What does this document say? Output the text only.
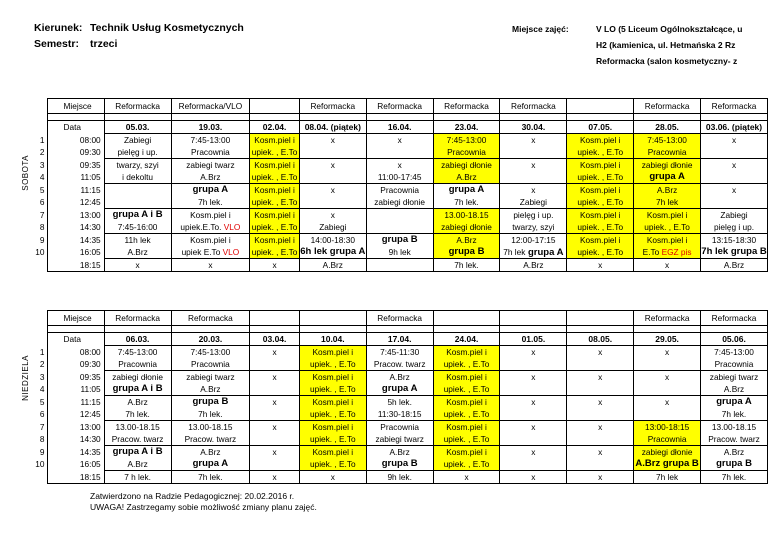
Kierunek: Technik Usług Kosmetycznych
Semestr: trzeci
Miejsce zajęć:	V LO (5 Liceum Ogólnokształcące, u
H2 (kamienica, ul. Hetmańska 2 Rz
Reformacka (salon kosmetyczny- z
SOBOTA
	Miejsce	Reformacka	Reformacka/VLO		Reformacka	Reformacka	Reformacka	Reformacka		Reformacka	Reformacka

	Data	05.03.	19.03.	02.04.	08.04. (piątek)	16.04.	23.04.	30.04.	07.05.	28.05.	03.06. (piątek)
1	08:00	Zabiegi	7:45-13:00	Kosm.piel i	x	x	7:45-13:00	x	Kosm.piel i	7:45-13:00	x
2	09:30	pielęg i up.	Pracownia	upiek. , E.To			Pracownia		upiek. , E.To	Pracownia	
3	09:35	twarzy, szyi	zabiegi twarz	Kosm.piel i	x	x	zabiegi dłonie	x	Kosm.piel i	zabiegi dłonie	x
4	11:05	i dekoltu	A.Brz	upiek. , E.To		11:00-17:45	A.Brz		upiek. , E.To	grupa A	
5	11:15		grupa A	Kosm.piel i	x	Pracownia	grupa A	x	Kosm.piel i	A.Brz	x
6	12:45		7h lek.	upiek. , E.To		zabiegi dłonie	7h lek.	Zabiegi	upiek. , E.To	7h lek	
7	13:00	grupa A i B	Kosm.piel i	Kosm.piel i	x		13.00-18.15	pielęg i up.	Kosm.piel i	Kosm.piel i	Zabiegi
8	14:30	7:45-16:00	upiek.E.To. VLO	upiek. , E.To	Zabiegi		zabiegi dłonie	twarzy, szyi	upiek. , E.To	upiek. , E.To	pielęg i up.
9	14:35	11h lek	Kosm.piel i	Kosm.piel i	14:00-18:30	grupa B	A.Brz	12:00-17:15	Kosm.piel i	Kosm.piel i	13:15-18:30
10	16:05	A.Brz	upiek E.To VLO	upiek. , E.To	6h lek grupa A	9h lek	grupa B	7h lek grupa A	upiek. , E.To	E.To EGZ pis	7h lek grupa B
	18:15	x	x	x	A.Brz		7h lek.	A.Brz	x	x	A.Brz
NIEDZIELA
	Miejsce	Reformacka	Reformacka			Reformacka				Reformacka	Reformacka

	Data	06.03.	20.03.	03.04.	10.04.	17.04.	24.04.	01.05.	08.05.	29.05.	05.06.
1	08:00	7:45-13:00	7:45-13:00	x	Kosm.piel i	7:45-11:30	Kosm.piel i	x	x	x	7:45-13:00
2	09:30	Pracownia	Pracownia		upiek. , E.To	Pracow. twarz	upiek. , E.To				Pracownia
3	09:35	zabiegi dłonie	zabiegi twarz	x	Kosm.piel i	A.Brz	Kosm.piel i	x	x	x	zabiegi twarz
4	11:05	grupa A i B	A.Brz		upiek. , E.To	grupa A	upiek. , E.To				A.Brz
5	11:15	A.Brz	grupa B	x	Kosm.piel i	5h lek.	Kosm.piel i	x	x	x	grupa A
6	12:45	7h lek.	7h lek.		upiek. , E.To	11:30-18:15	upiek. , E.To				7h lek.
7	13:00	13.00-18.15	13.00-18.15	x	Kosm.piel i	Pracownia	Kosm.piel i	x	x	13:00-18:15	13.00-18.15
8	14:30	Pracow. twarz	Pracow. twarz		upiek. , E.To	zabiegi twarz	upiek. , E.To			Pracownia	Pracow. twarz
9	14:35	grupa A i B	A.Brz	x	Kosm.piel i	A.Brz	Kosm.piel i	x	x	zabiegi dłonie	A.Brz
10	16:05	A.Brz	grupa A		upiek. , E.To	grupa B	upiek. , E.To			A.Brz grupa B	grupa B
	18:15	7 h lek.	7h lek.	x	x	9h lek.	x	x	x	7h lek	7h lek.
Zatwierdzono na Radzie Pedagogicznej: 20.02.2016 r.
UWAGA! Zastrzegamy sobie możliwość zmiany planu zajęć.
